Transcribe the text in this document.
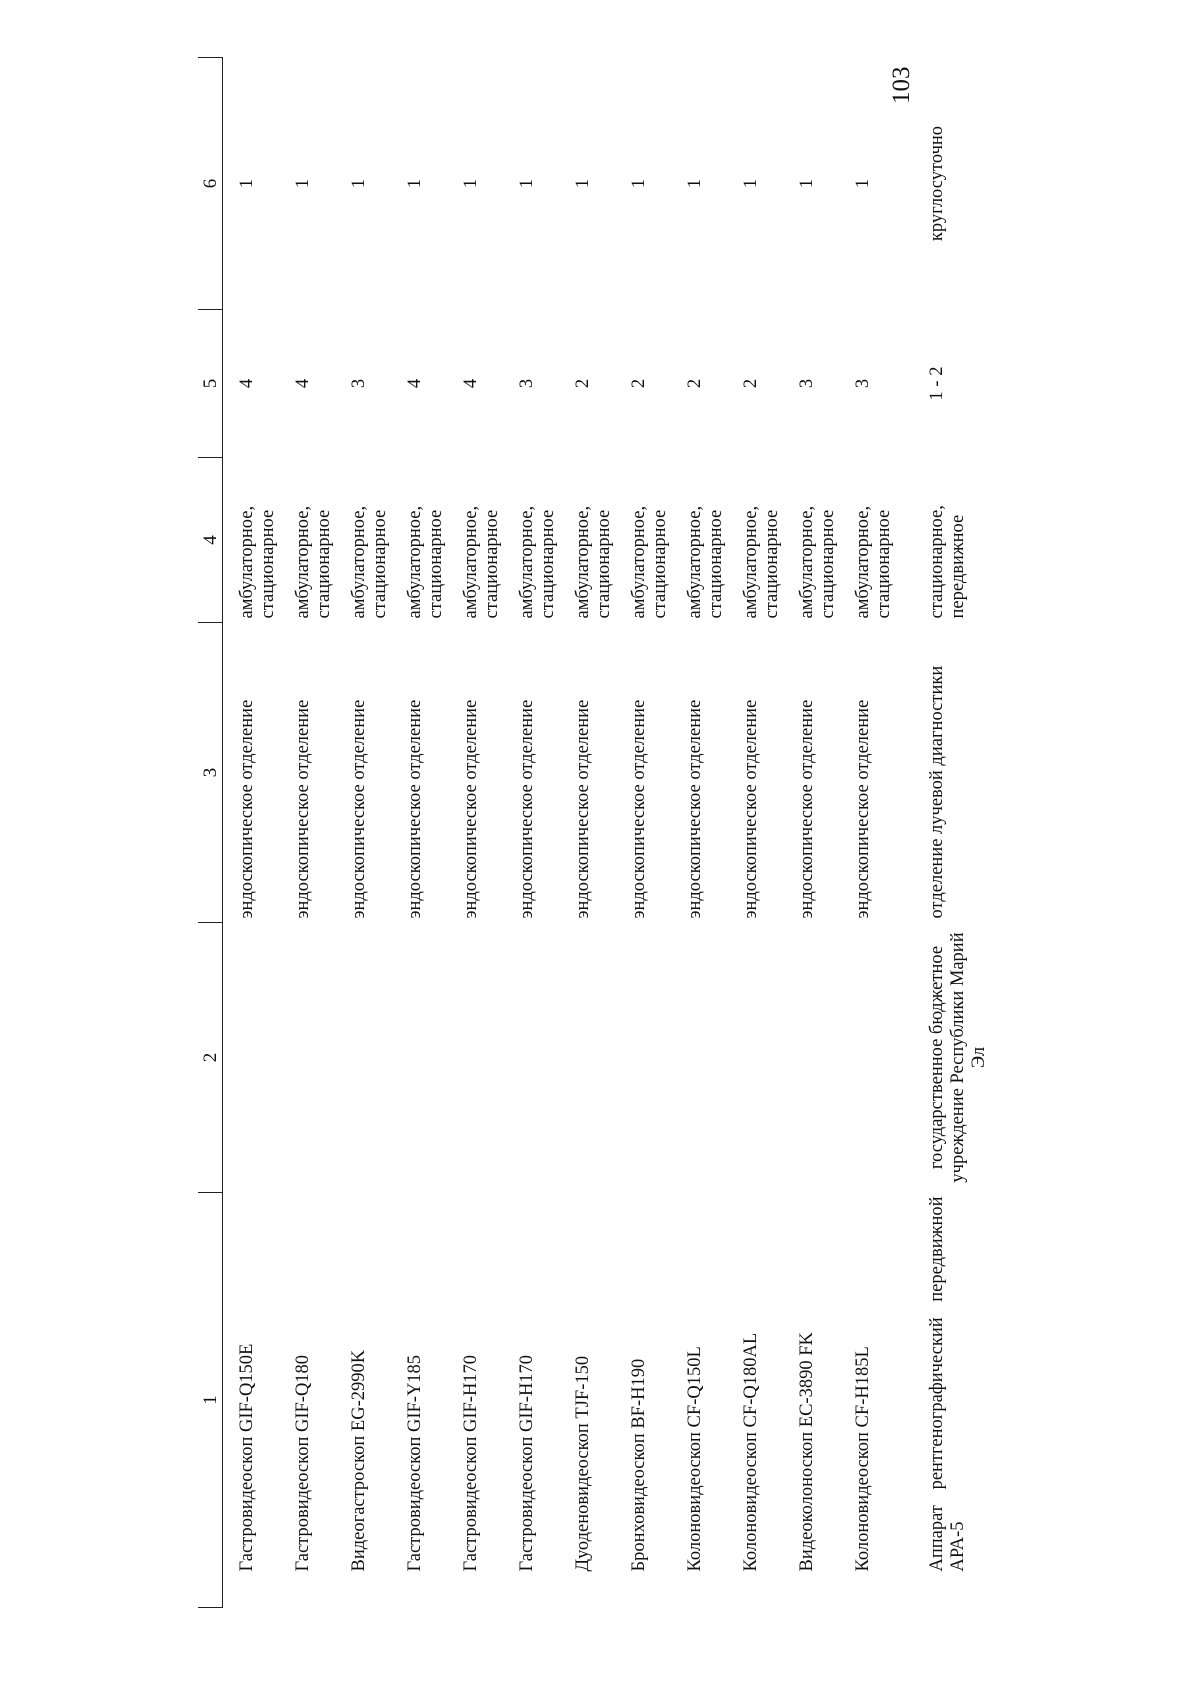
103
1	2	3	4	5	6
Гастровидеоскоп GIF-Q150E		эндоскопическое отделение	амбулаторное, стационарное	4	1
Гастровидеоскоп GIF-Q180		эндоскопическое отделение	амбулаторное, стационарное	4	1
Видеогастроскоп EG-2990K		эндоскопическое отделение	амбулаторное, стационарное	3	1
Гастровидеоскоп GIF-Y185		эндоскопическое отделение	амбулаторное, стационарное	4	1
Гастровидеоскоп GIF-H170		эндоскопическое отделение	амбулаторное, стационарное	4	1
Гастровидеоскоп GIF-H170		эндоскопическое отделение	амбулаторное, стационарное	3	1
Дуоденовидеоскоп TJF-150		эндоскопическое отделение	амбулаторное, стационарное	2	1
Бронховидеоскоп BF-H190		эндоскопическое отделение	амбулаторное, стационарное	2	1
Колоновидеоскоп CF-Q150L		эндоскопическое отделение	амбулаторное, стационарное	2	1
Колоновидеоскоп CF-Q180AL		эндоскопическое отделение	амбулаторное, стационарное	2	1
Видеоколоноскоп EC-3890 FK		эндоскопическое отделение	амбулаторное, стационарное	3	1
Колоновидеоскоп CF-H185L		эндоскопическое отделение	амбулаторное, стационарное	3	1
Аппарат рентгенографический передвижной АРА-5	государственное бюджетное учреждение Республики Марий Эл	отделение лучевой диагностики	стационарное, передвижное	1 - 2	круглосуточно
